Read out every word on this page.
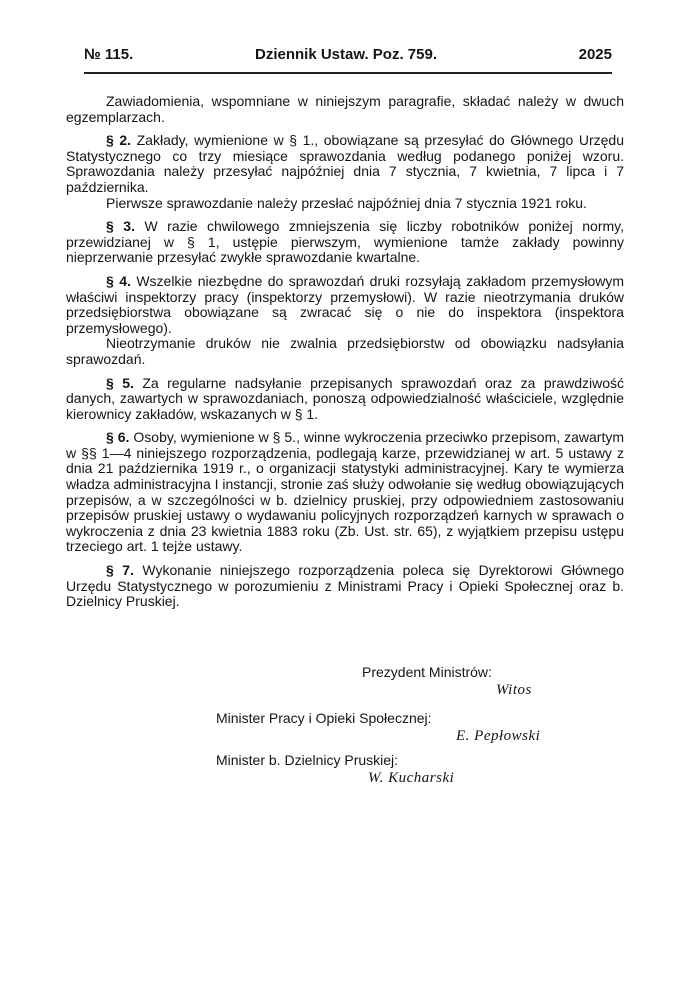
№ 115.	Dziennik Ustaw. Poz. 759.	2025

Zawiadomienia, wspomniane w niniejszym paragrafie, składać należy w dwuch egzemplarzach.

§ 2. Zakłady, wymienione w § 1., obowiązane są przesyłać do Głównego Urzędu Statystycznego co trzy miesiące sprawozdania według podanego poniżej wzoru. Sprawozdania należy przesyłać najpóźniej dnia 7 stycznia, 7 kwietnia, 7 lipca i 7 października.

Pierwsze sprawozdanie należy przesłać najpóźniej dnia 7 stycznia 1921 roku.

§ 3. W razie chwilowego zmniejszenia się liczby robotników poniżej normy, przewidzianej w § 1, ustępie pierwszym, wymienione tamże zakłady powinny nieprzerwanie przesyłać zwykłe sprawozdanie kwartalne.

§ 4. Wszelkie niezbędne do sprawozdań druki rozsyłają zakładom przemysłowym właściwi inspektorzy pracy (inspektorzy przemysłowi). W razie nieotrzymania druków przedsiębiorstwa obowiązane są zwracać się o nie do inspektora (inspektora przemysłowego).

Nieotrzymanie druków nie zwalnia przedsiębiorstw od obowiązku nadsyłania sprawozdań.

§ 5. Za regularne nadsyłanie przepisanych sprawozdań oraz za prawdziwość danych, zawartych w sprawozdaniach, ponoszą odpowiedzialność właściciele, względnie kierownicy zakładów, wskazanych w § 1.

§ 6. Osoby, wymienione w § 5., winne wykroczenia przeciwko przepisom, zawartym w §§ 1—4 niniejszego rozporządzenia, podlegają karze, przewidzianej w art. 5 ustawy z dnia 21 października 1919 r., o organizacji statystyki administracyjnej. Kary te wymierza władza administracyjna I instancji, stronie zaś służy odwołanie się według obowiązujących przepisów, a w szczególności w b. dzielnicy pruskiej, przy odpowiedniem zastosowaniu przepisów pruskiej ustawy o wydawaniu policyjnych rozporządzeń karnych w sprawach o wykroczenia z dnia 23 kwietnia 1883 roku (Zb. Ust. str. 65), z wyjątkiem przepisu ustępu trzeciego art. 1 tejże ustawy.

§ 7. Wykonanie niniejszego rozporządzenia poleca się Dyrektorowi Głównego Urzędu Statystycznego w porozumieniu z Ministrami Pracy i Opieki Społecznej oraz b. Dzielnicy Pruskiej.

Prezydent Ministrów:
Witos
Minister Pracy i Opieki Społecznej:
E. Pepłowski
Minister b. Dzielnicy Pruskiej:
W. Kucharski
